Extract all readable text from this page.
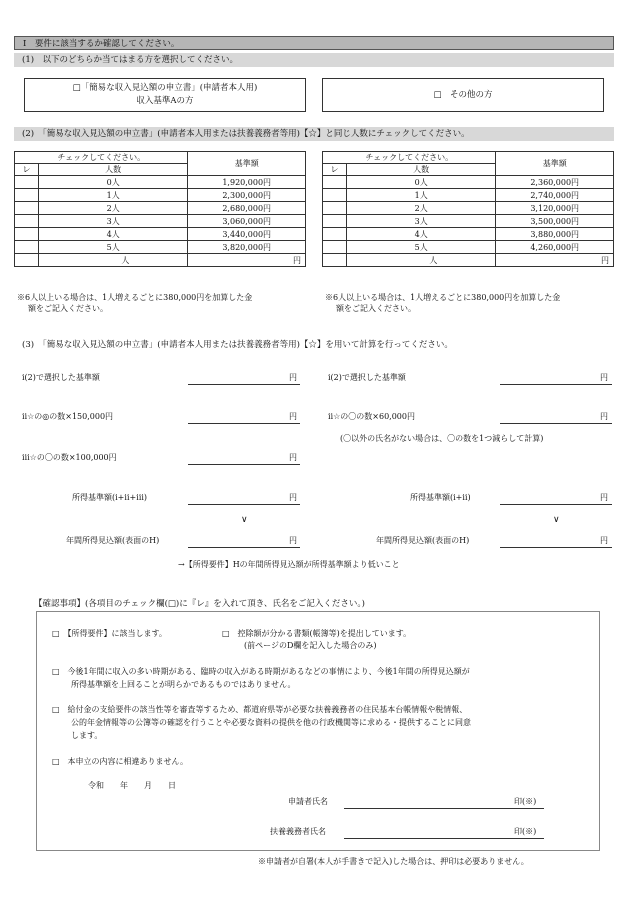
Ⅰ　要件に該当するか確認してください。
(1)　以下のどちらか当てはまる方を選択してください。
□「簡易な収入見込額の申立書」(申請者本人用)
収入基準Aの方
□　その他の方
(2)　「簡易な収入見込額の申立書」(申請者本人用または扶養義務者等用)【☆】と同じ人数にチェックしてください。
チェックしてください。		基準額
レ	人数	
	0人	1,920,000円
	1人	2,300,000円
	2人	2,680,000円
	3人	3,060,000円
	4人	3,440,000円
	5人	3,820,000円
	人	円
チェックしてください。		基準額
レ	人数	
	0人	2,360,000円
	1人	2,740,000円
	2人	3,120,000円
	3人	3,500,000円
	4人	3,880,000円
	5人	4,260,000円
	人	円
※6人以上いる場合は、1人増えるごとに380,000円を加算した金
額をご記入ください。
※6人以上いる場合は、1人増えるごとに380,000円を加算した金
額をご記入ください。
(3)　「簡易な収入見込額の申立書」(申請者本人用または扶養義務者等用)【☆】を用いて計算を行ってください。
ⅰ(2)で選択した基準額	円
ⅱ☆の◎の数×150,000円	円
ⅲ☆の〇の数×100,000円	円
所得基準額(ⅰ+ⅱ+ⅲ)	円
∨
年間所得見込額(表面のH)	円
ⅰ(2)で選択した基準額	円
ⅱ☆の〇の数×60,000円	円
(〇以外の氏名がない場合は、〇の数を1つ減らして計算)
所得基準額(ⅰ+ⅱ)	円
∨
年間所得見込額(表面のH)	円
→【所得要件】Hの年間所得見込額が所得基準額より低いこと
【確認事項】(各項目のチェック欄(□)に『レ』を入れて頂き、氏名をご記入ください。)
□　【所得要件】に該当します。	□　控除額が分かる書類(帳簿等)を提出しています。
(前ページのD欄を記入した場合のみ)
□　今後1年間に収入の多い時期がある、臨時の収入がある時期があるなどの事情により、今後1年間の所得見込額が
所得基準額を上回ることが明らかであるものではありません。
□　給付金の支給要件の該当性等を審査等するため、都道府県等が必要な扶養義務者の住民基本台帳情報や税情報、
公的年金情報等の公簿等の確認を行うことや必要な資料の提供を他の行政機関等に求める・提供することに同意
します。
□　本申立の内容に相違ありません。
令和　　年　　月　　日
申請者氏名	印(※)
扶養義務者氏名	印(※)
※申請者が自署(本人が手書きで記入)した場合は、押印は必要ありません。
